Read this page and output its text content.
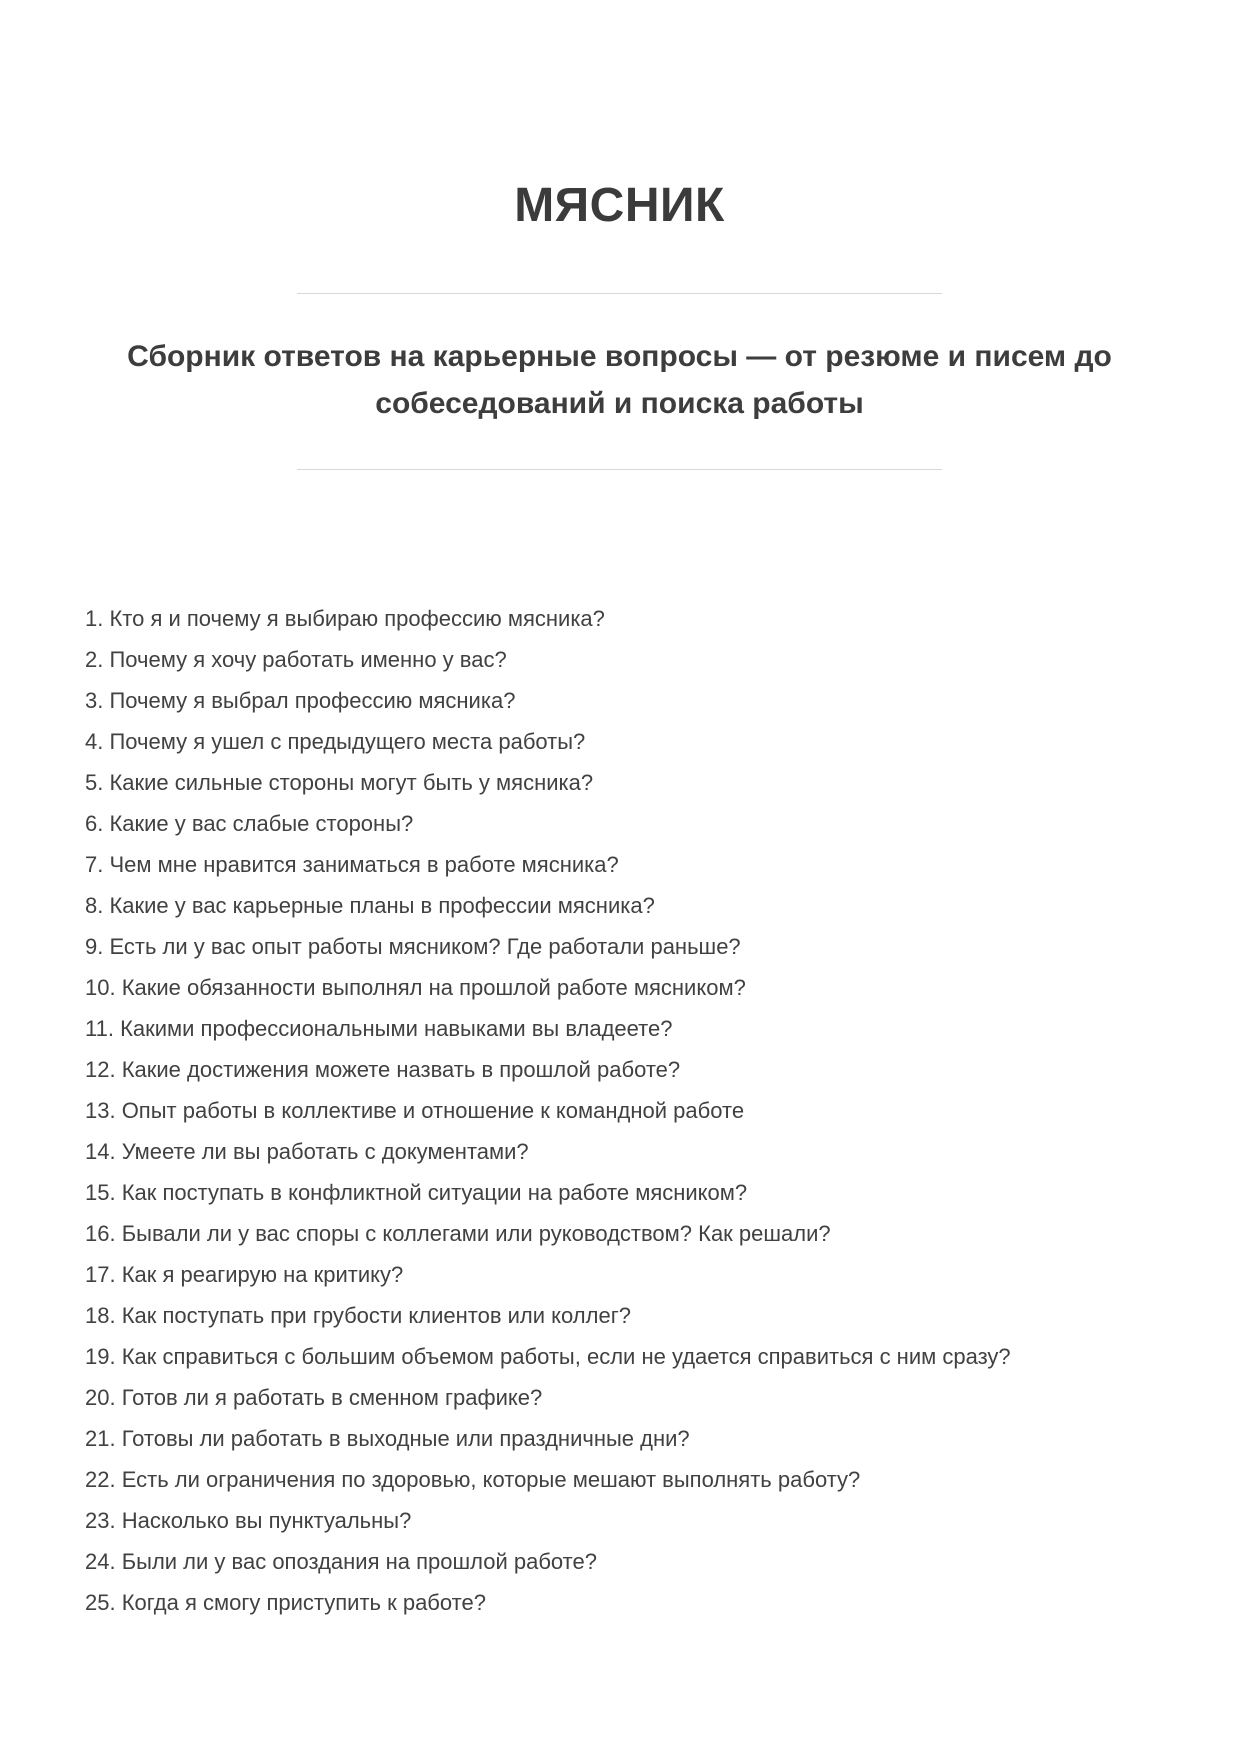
МЯСНИК
Сборник ответов на карьерные вопросы — от резюме и писем до
собеседований и поиска работы
1. Кто я и почему я выбираю профессию мясника?
2. Почему я хочу работать именно у вас?
3. Почему я выбрал профессию мясника?
4. Почему я ушел с предыдущего места работы?
5. Какие сильные стороны могут быть у мясника?
6. Какие у вас слабые стороны?
7. Чем мне нравится заниматься в работе мясника?
8. Какие у вас карьерные планы в профессии мясника?
9. Есть ли у вас опыт работы мясником? Где работали раньше?
10. Какие обязанности выполнял на прошлой работе мясником?
11. Какими профессиональными навыками вы владеете?
12. Какие достижения можете назвать в прошлой работе?
13. Опыт работы в коллективе и отношение к командной работе
14. Умеете ли вы работать с документами?
15. Как поступать в конфликтной ситуации на работе мясником?
16. Бывали ли у вас споры с коллегами или руководством? Как решали?
17. Как я реагирую на критику?
18. Как поступать при грубости клиентов или коллег?
19. Как справиться с большим объемом работы, если не удается справиться с ним сразу?
20. Готов ли я работать в сменном графике?
21. Готовы ли работать в выходные или праздничные дни?
22. Есть ли ограничения по здоровью, которые мешают выполнять работу?
23. Насколько вы пунктуальны?
24. Были ли у вас опоздания на прошлой работе?
25. Когда я смогу приступить к работе?
